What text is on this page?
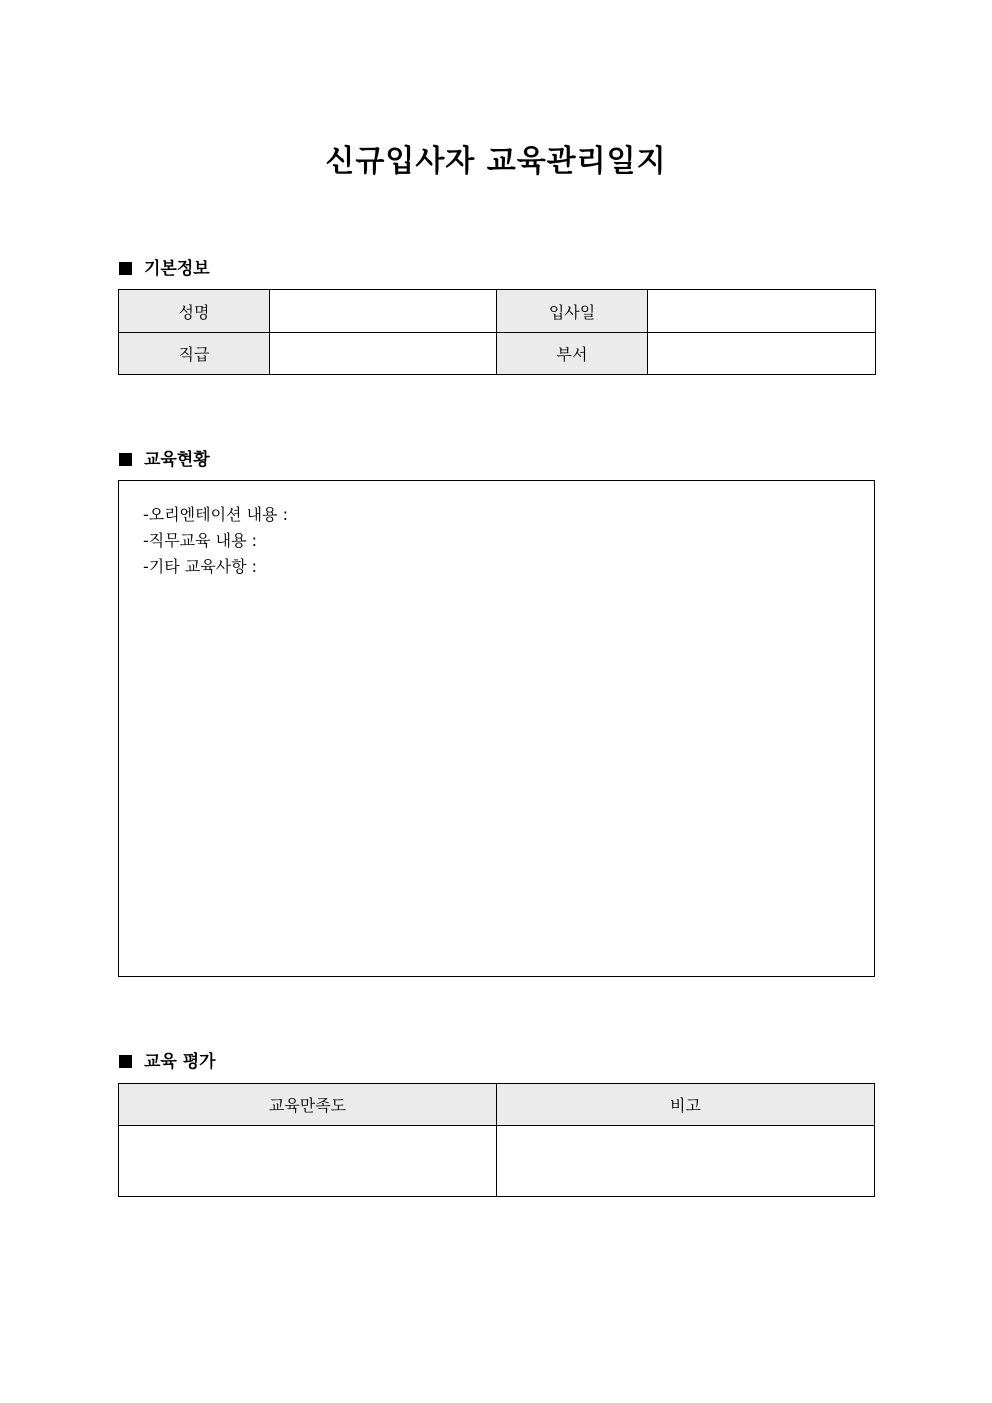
신규입사자 교육관리일지
기본정보
성명		입사일	
직급		부서	
교육현황
-오리엔테이션 내용 :
-직무교육 내용 :
-기타 교육사항 :
교육 평가
교육만족도	비고
